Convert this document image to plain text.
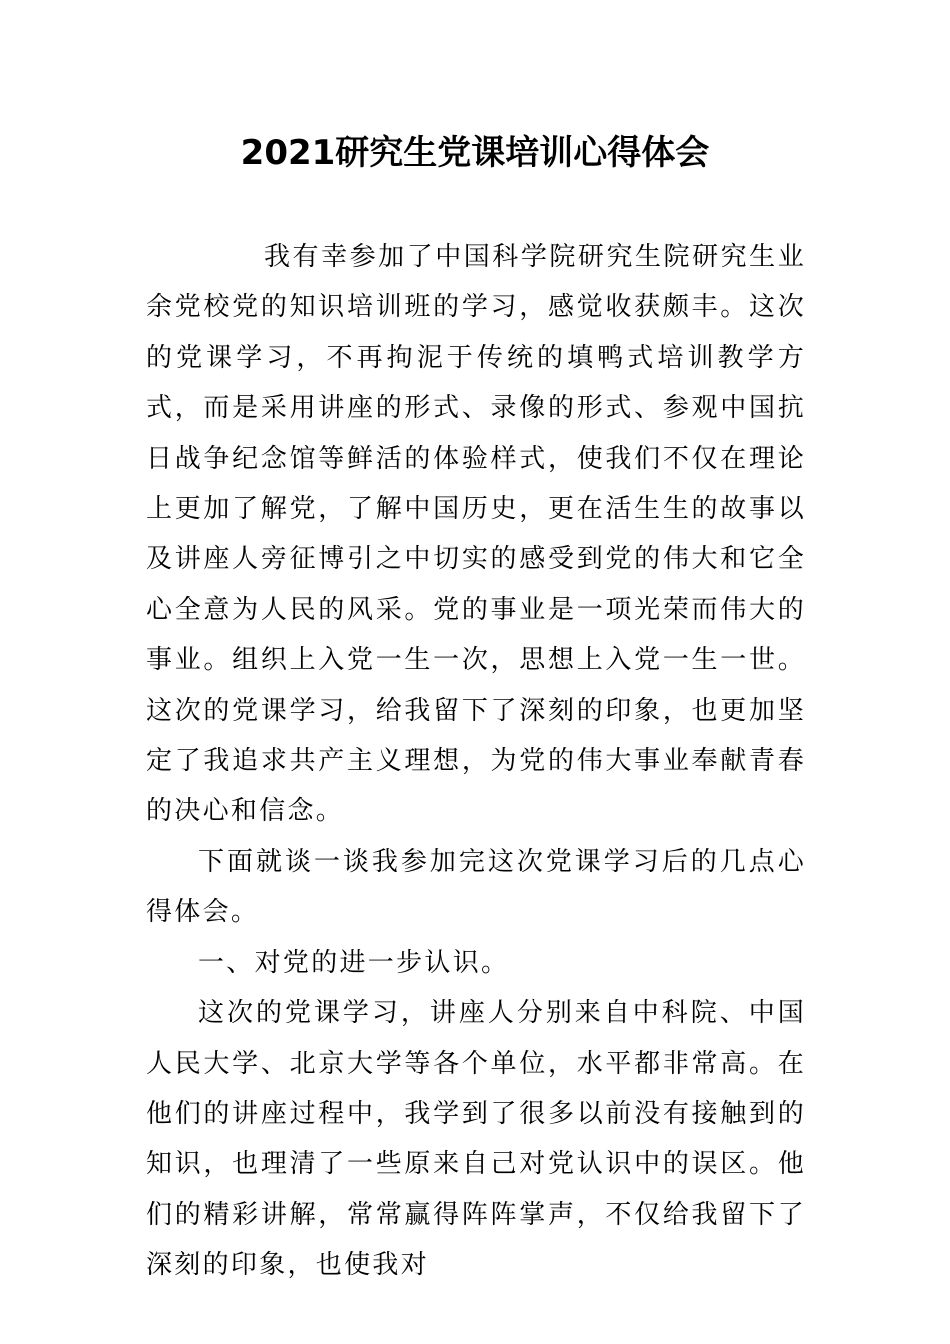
2021研究生党课培训心得体会

我有幸参加了中国科学院研究生院研究生业余党校党的知识培训班的学习，感觉收获颇丰。这次的党课学习，不再拘泥于传统的填鸭式培训教学方式，而是采用讲座的形式、录像的形式、参观中国抗日战争纪念馆等鲜活的体验样式，使我们不仅在理论上更加了解党，了解中国历史，更在活生生的故事以及讲座人旁征博引之中切实的感受到党的伟大和它全心全意为人民的风采。党的事业是一项光荣而伟大的事业。组织上入党一生一次，思想上入党一生一世。这次的党课学习，给我留下了深刻的印象，也更加坚定了我追求共产主义理想，为党的伟大事业奉献青春的决心和信念。

下面就谈一谈我参加完这次党课学习后的几点心得体会。

一、对党的进一步认识。

这次的党课学习，讲座人分别来自中科院、中国人民大学、北京大学等各个单位，水平都非常高。在他们的讲座过程中，我学到了很多以前没有接触到的知识，也理清了一些原来自己对党认识中的误区。他们的精彩讲解，常常赢得阵阵掌声，不仅给我留下了深刻的印象，也使我对
